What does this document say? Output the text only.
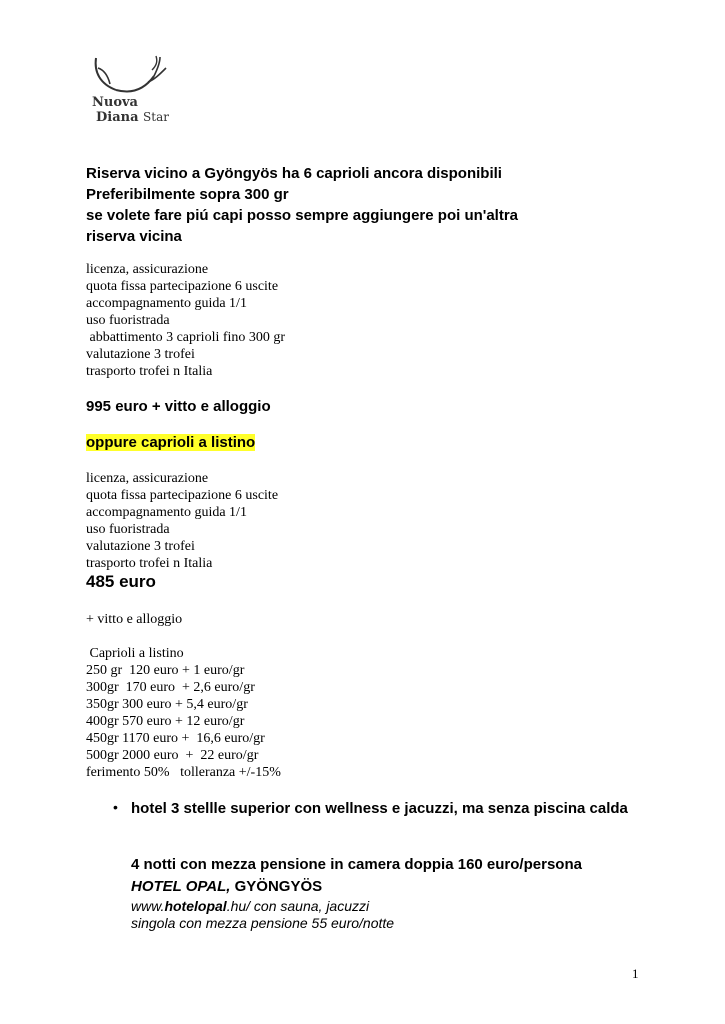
Nuova
Diana Star
Riserva vicino a Gyöngyös ha 6 caprioli ancora disponibili
Preferibilmente sopra 300 gr
se volete fare piú capi posso sempre aggiungere poi un'altra
riserva vicina
licenza, assicurazione
quota fissa partecipazione 6 uscite
accompagnamento guida 1/1
uso fuoristrada
abbattimento 3 caprioli fino 300 gr
valutazione 3 trofei
trasporto trofei n Italia
995 euro + vitto e alloggio
oppure caprioli a listino
licenza, assicurazione
quota fissa partecipazione 6 uscite
accompagnamento guida 1/1
uso fuoristrada
valutazione 3 trofei
trasporto trofei n Italia
485 euro
+ vitto e alloggio
Caprioli a listino
250 gr  120 euro + 1 euro/gr
300gr  170 euro  + 2,6 euro/gr
350gr 300 euro + 5,4 euro/gr
400gr 570 euro + 12 euro/gr
450gr 1170 euro +  16,6 euro/gr
500gr 2000 euro  +  22 euro/gr
ferimento 50%   tolleranza +/-15%
• hotel 3 stellle superior con wellness e jacuzzi, ma senza piscina calda
4 notti con mezza pensione in camera doppia 160 euro/persona
HOTEL OPAL, GYÖNGYÖS
www.hotelopal.hu/ con sauna, jacuzzi
singola con mezza pensione 55 euro/notte
1
